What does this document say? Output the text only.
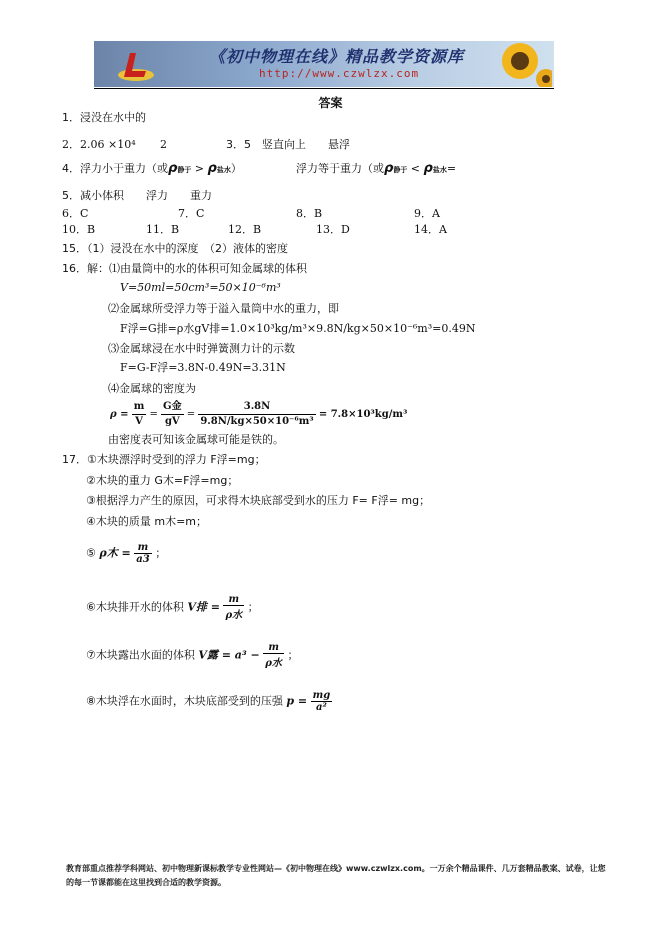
《初中物理在线》精品教学资源库
http://www.czwlzx.com
答案
1．浸没在水中的
2．2.06 ×10⁴ 2	3．5　竖直向上　　悬浮
4．浮力小于重力（或ρ静于 > ρ盐水）	浮力等于重力（或ρ静于 < ρ盐水=
5．减小体积　　浮力　　重力
6．C	7．C	8．B	9．A
10．B	11．B	12．B	13．D	14．A
15．（1）浸没在水中的深度　（2）液体的密度
16．解：⑴由量筒中的水的体积可知金属球的体积
V=50ml=50cm³=50×10⁻⁶m³
⑵金属球所受浮力等于溢入量筒中水的重力，即
F浮=G排=ρ水gV排=1.0×10³kg/m³×9.8N/kg×50×10⁻⁶m³=0.49N
⑶金属球浸在水中时弹簧测力计的示数
F=G-F浮=3.8N-0.49N=3.31N
⑷金属球的密度为
$\rho = \frac{m}{V} = \frac{\text{G金}}{gV} = \frac{3.8N}{\text{9.8N/kg×50×10⁻⁶m³}} = 7.8\times 10^3kg/m^3$
由密度表可知该金属球可能是铁的。
17．①木块漂浮时受到的浮力 F浮=mg；
②木块的重力 G木=F浮=mg；
③根据浮力产生的原因，可求得木块底部受到水的压力 F= F浮= mg；
④木块的质量 m木=m；
⑤ ρ木 = $\frac{m}{a3}$ ；
⑥木块排开水的体积 V排 = $\frac{m}{\text{ρ水}}$ ；
⑦木块露出水面的体积 V露 = $a^3 - \frac{m}{\text{ρ水}}$ ；
⑧木块浮在水面时，木块底部受到的压强 $p = \frac{mg}{\text{a²}}$
教育部重点推荐学科网站、初中物理新课标教学专业性网站—《初中物理在线》www.czwlzx.com。一万余个精品课件、几万套精品教案、试卷，让您的每一节课都能在这里找到合适的教学资源。
